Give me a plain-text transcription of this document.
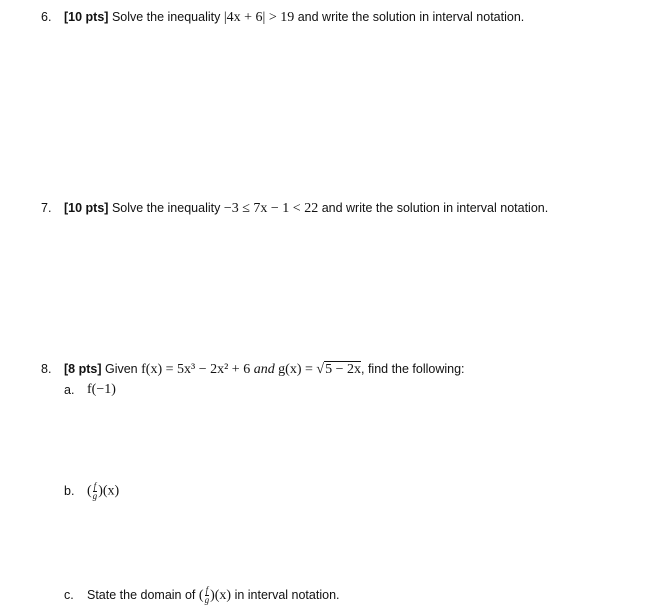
6.	[10 pts] Solve the inequality |4x + 6| > 19 and write the solution in interval notation.
7.	[10 pts] Solve the inequality −3 ≤ 7x − 1 < 22 and write the solution in interval notation.
8.	[8 pts] Given f(x) = 5x³ − 2x² + 6 and g(x) = √5 − 2x, find the following:
a. f(−1)
b. ( $\frac{f}{g} )(x)$
c.	State the domain of ( $\frac{f}{g} )(x)$ in interval notation.
